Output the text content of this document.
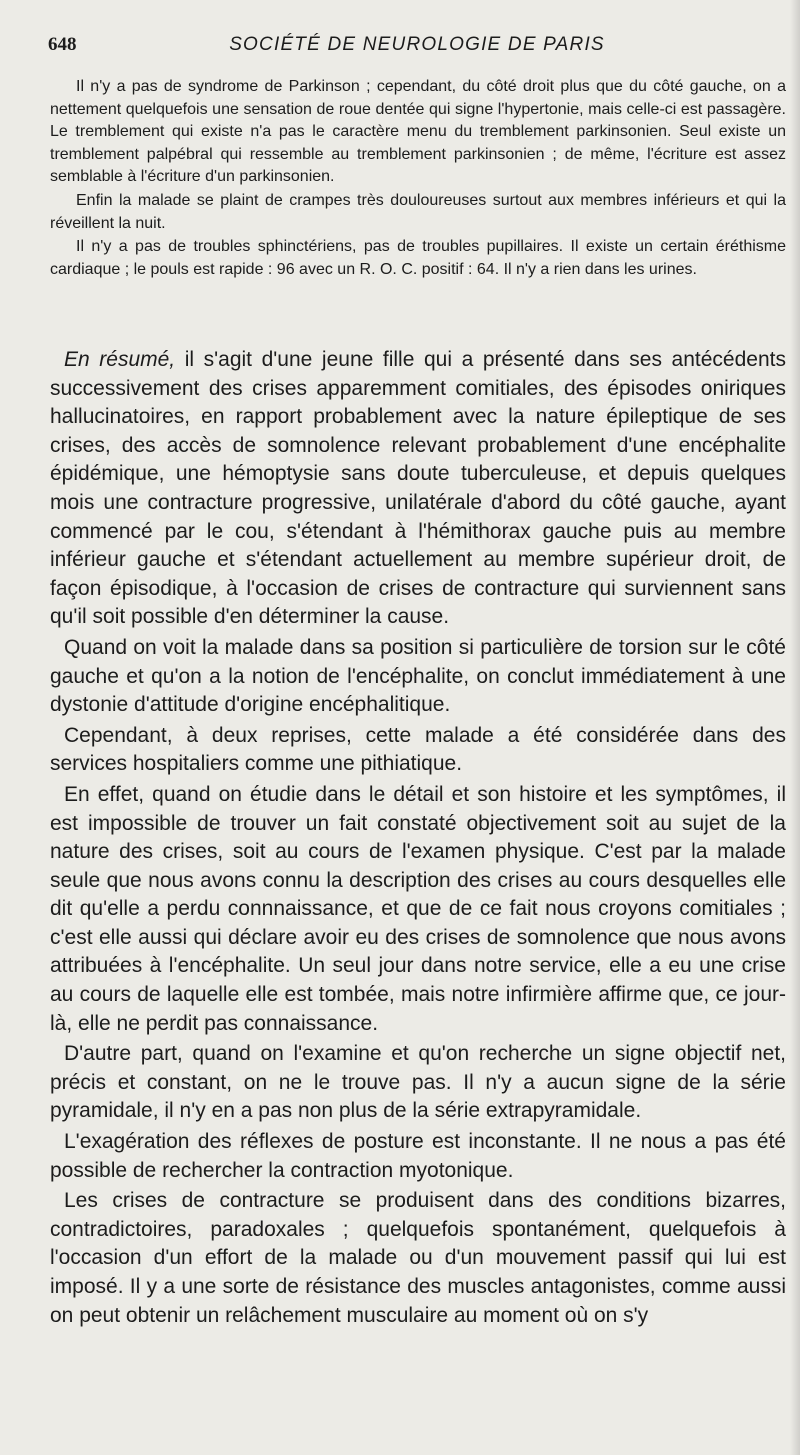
648	SOCIÉTÉ DE NEUROLOGIE DE PARIS

Il n'y a pas de syndrome de Parkinson ; cependant, du côté droit plus que du côté gauche, on a nettement quelquefois une sensation de roue dentée qui signe l'hypertonie, mais celle-ci est passagère. Le tremblement qui existe n'a pas le caractère menu du tremblement parkinsonien. Seul existe un tremblement palpébral qui ressemble au tremblement parkinsonien ; de même, l'écriture est assez semblable à l'écriture d'un parkinsonien.

Enfin la malade se plaint de crampes très douloureuses surtout aux membres inférieurs et qui la réveillent la nuit.

Il n'y a pas de troubles sphinctériens, pas de troubles pupillaires. Il existe un certain éréthisme cardiaque ; le pouls est rapide : 96 avec un R. O. C. positif : 64. Il n'y a rien dans les urines.

En résumé, il s'agit d'une jeune fille qui a présenté dans ses antécédents successivement des crises apparemment comitiales, des épisodes oniriques hallucinatoires, en rapport probablement avec la nature épileptique de ses crises, des accès de somnolence relevant probablement d'une encéphalite épidémique, une hémoptysie sans doute tuberculeuse, et depuis quelques mois une contracture progressive, unilatérale d'abord du côté gauche, ayant commencé par le cou, s'étendant à l'hémithorax gauche puis au membre inférieur gauche et s'étendant actuellement au membre supérieur droit, de façon épisodique, à l'occasion de crises de contracture qui surviennent sans qu'il soit possible d'en déterminer la cause.

Quand on voit la malade dans sa position si particulière de torsion sur le côté gauche et qu'on a la notion de l'encéphalite, on conclut immédiatement à une dystonie d'attitude d'origine encéphalitique.

Cependant, à deux reprises, cette malade a été considérée dans des services hospitaliers comme une pithiatique.

En effet, quand on étudie dans le détail et son histoire et les symptômes, il est impossible de trouver un fait constaté objectivement soit au sujet de la nature des crises, soit au cours de l'examen physique. C'est par la malade seule que nous avons connu la description des crises au cours desquelles elle dit qu'elle a perdu connnaissance, et que de ce fait nous croyons comitiales ; c'est elle aussi qui déclare avoir eu des crises de somnolence que nous avons attribuées à l'encéphalite. Un seul jour dans notre service, elle a eu une crise au cours de laquelle elle est tombée, mais notre infirmière affirme que, ce jour-là, elle ne perdit pas connaissance.

D'autre part, quand on l'examine et qu'on recherche un signe objectif net, précis et constant, on ne le trouve pas. Il n'y a aucun signe de la série pyramidale, il n'y en a pas non plus de la série extrapyramidale.

L'exagération des réflexes de posture est inconstante. Il ne nous a pas été possible de rechercher la contraction myotonique.

Les crises de contracture se produisent dans des conditions bizarres, contradictoires, paradoxales ; quelquefois spontanément, quelquefois à l'occasion d'un effort de la malade ou d'un mouvement passif qui lui est imposé. Il y a une sorte de résistance des muscles antagonistes, comme aussi on peut obtenir un relâchement musculaire au moment où on s'y
